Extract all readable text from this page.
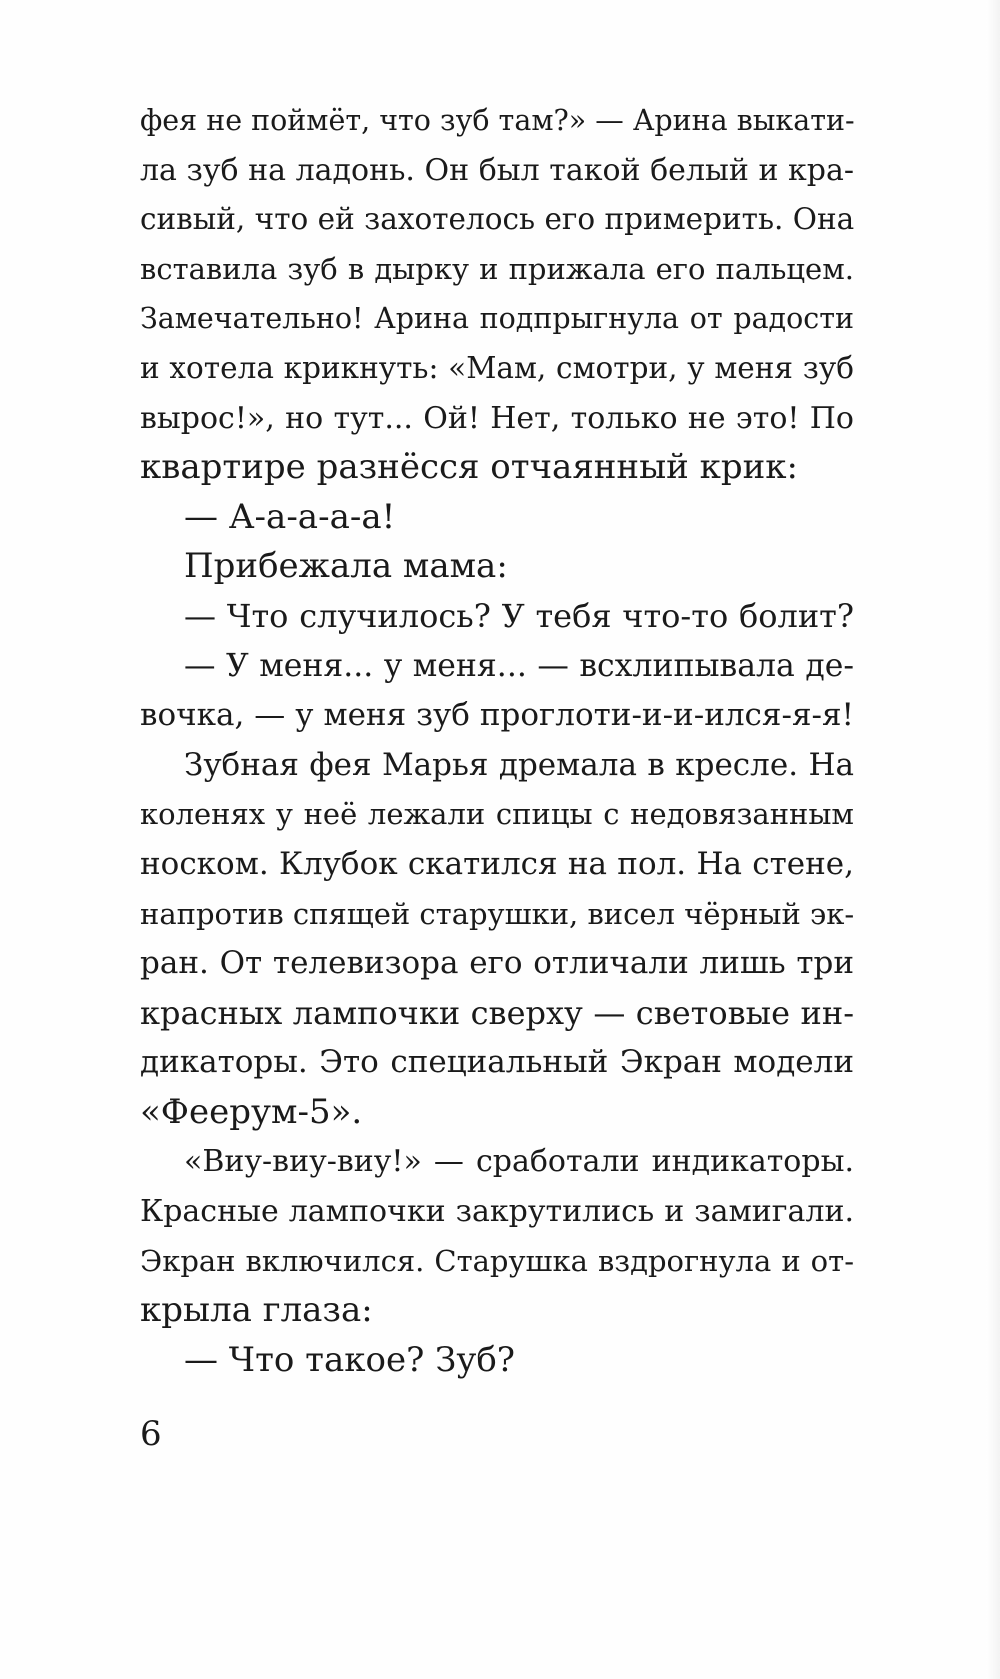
фея не поймёт, что зуб там?» — Арина выкати-
ла зуб на ладонь. Он был такой белый и кра-
сивый, что ей захотелось его примерить. Она
вставила зуб в дырку и прижала его пальцем.
Замечательно! Арина подпрыгнула от радости
и хотела крикнуть: «Мам, смотри, у меня зуб
вырос!», но тут... Ой! Нет, только не это! По
квартире разнёсся отчаянный крик:
— А-а-а-а-а!
Прибежала мама:
— Что случилось? У тебя что-то болит?
— У меня... у меня... — всхлипывала де-
вочка, — у меня зуб проглоти-и-и-ился-я-я!
Зубная фея Марья дремала в кресле. На
коленях у неё лежали спицы с недовязанным
носком. Клубок скатился на пол. На стене,
напротив спящей старушки, висел чёрный эк-
ран. От телевизора его отличали лишь три
красных лампочки сверху — световые ин-
дикаторы. Это специальный Экран модели
«Феерум-5».
«Виу-виу-виу!» — сработали индикаторы.
Красные лампочки закрутились и замигали.
Экран включился. Старушка вздрогнула и от-
крыла глаза:
— Что такое? Зуб?
6
